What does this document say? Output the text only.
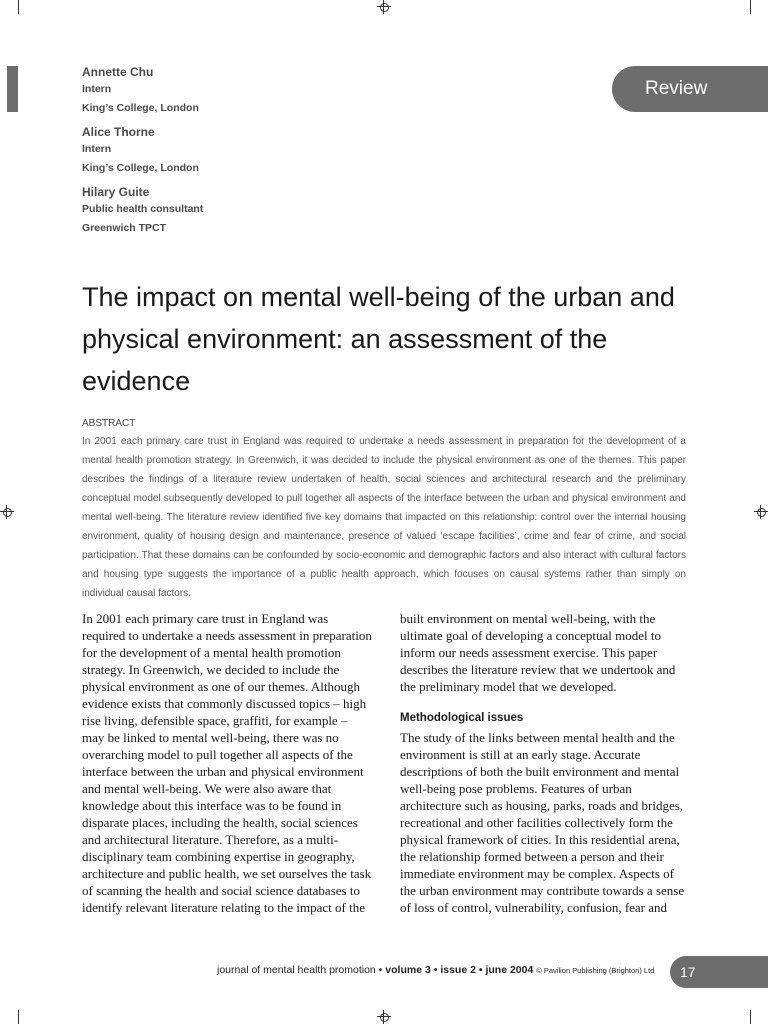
Review
Annette Chu
Intern
King’s College, London
Alice Thorne
Intern
King’s College, London
Hilary Guite
Public health consultant
Greenwich TPCT
The impact on mental well-being of the urban and physical environment: an assessment of the evidence
ABSTRACT
In 2001 each primary care trust in England was required to undertake a needs assessment in preparation for the development of a mental health promotion strategy. In Greenwich, it was decided to include the physical environment as one of the themes. This paper describes the findings of a literature review undertaken of health, social sciences and architectural research and the preliminary conceptual model subsequently developed to pull together all aspects of the interface between the urban and physical environment and mental well-being. The literature review identified five key domains that impacted on this relationship: control over the internal housing environment, quality of housing design and maintenance, presence of valued ‘escape facilities’, crime and fear of crime, and social participation. That these domains can be confounded by socio-economic and demographic factors and also interact with cultural factors and housing type suggests the importance of a public health approach, which focuses on causal systems rather than simply on individual causal factors.

In 2001 each primary care trust in England was required to undertake a needs assessment in preparation for the development of a mental health promotion strategy. In Greenwich, we decided to include the physical environment as one of our themes. Although evidence exists that commonly discussed topics – high rise living, defensible space, graffiti, for example – may be linked to mental well-being, there was no overarching model to pull together all aspects of the interface between the urban and physical environment and mental well-being. We were also aware that knowledge about this interface was to be found in disparate places, including the health, social sciences and architectural literature. Therefore, as a multi-disciplinary team combining expertise in geography, architecture and public health, we set ourselves the task of scanning the health and social science databases to identify relevant literature relating to the impact of the

built environment on mental well-being, with the ultimate goal of developing a conceptual model to inform our needs assessment exercise. This paper describes the literature review that we undertook and the preliminary model that we developed.

Methodological issues

The study of the links between mental health and the environment is still at an early stage. Accurate descriptions of both the built environment and mental well-being pose problems. Features of urban architecture such as housing, parks, roads and bridges, recreational and other facilities collectively form the physical framework of cities. In this residential arena, the relationship formed between a person and their immediate environment may be complex. Aspects of the urban environment may contribute towards a sense of loss of control, vulnerability, confusion, fear and

journal of mental health promotion • volume 3 • issue 2 • june 2004 © Pavilion Publishing (Brighton) Ltd	17
